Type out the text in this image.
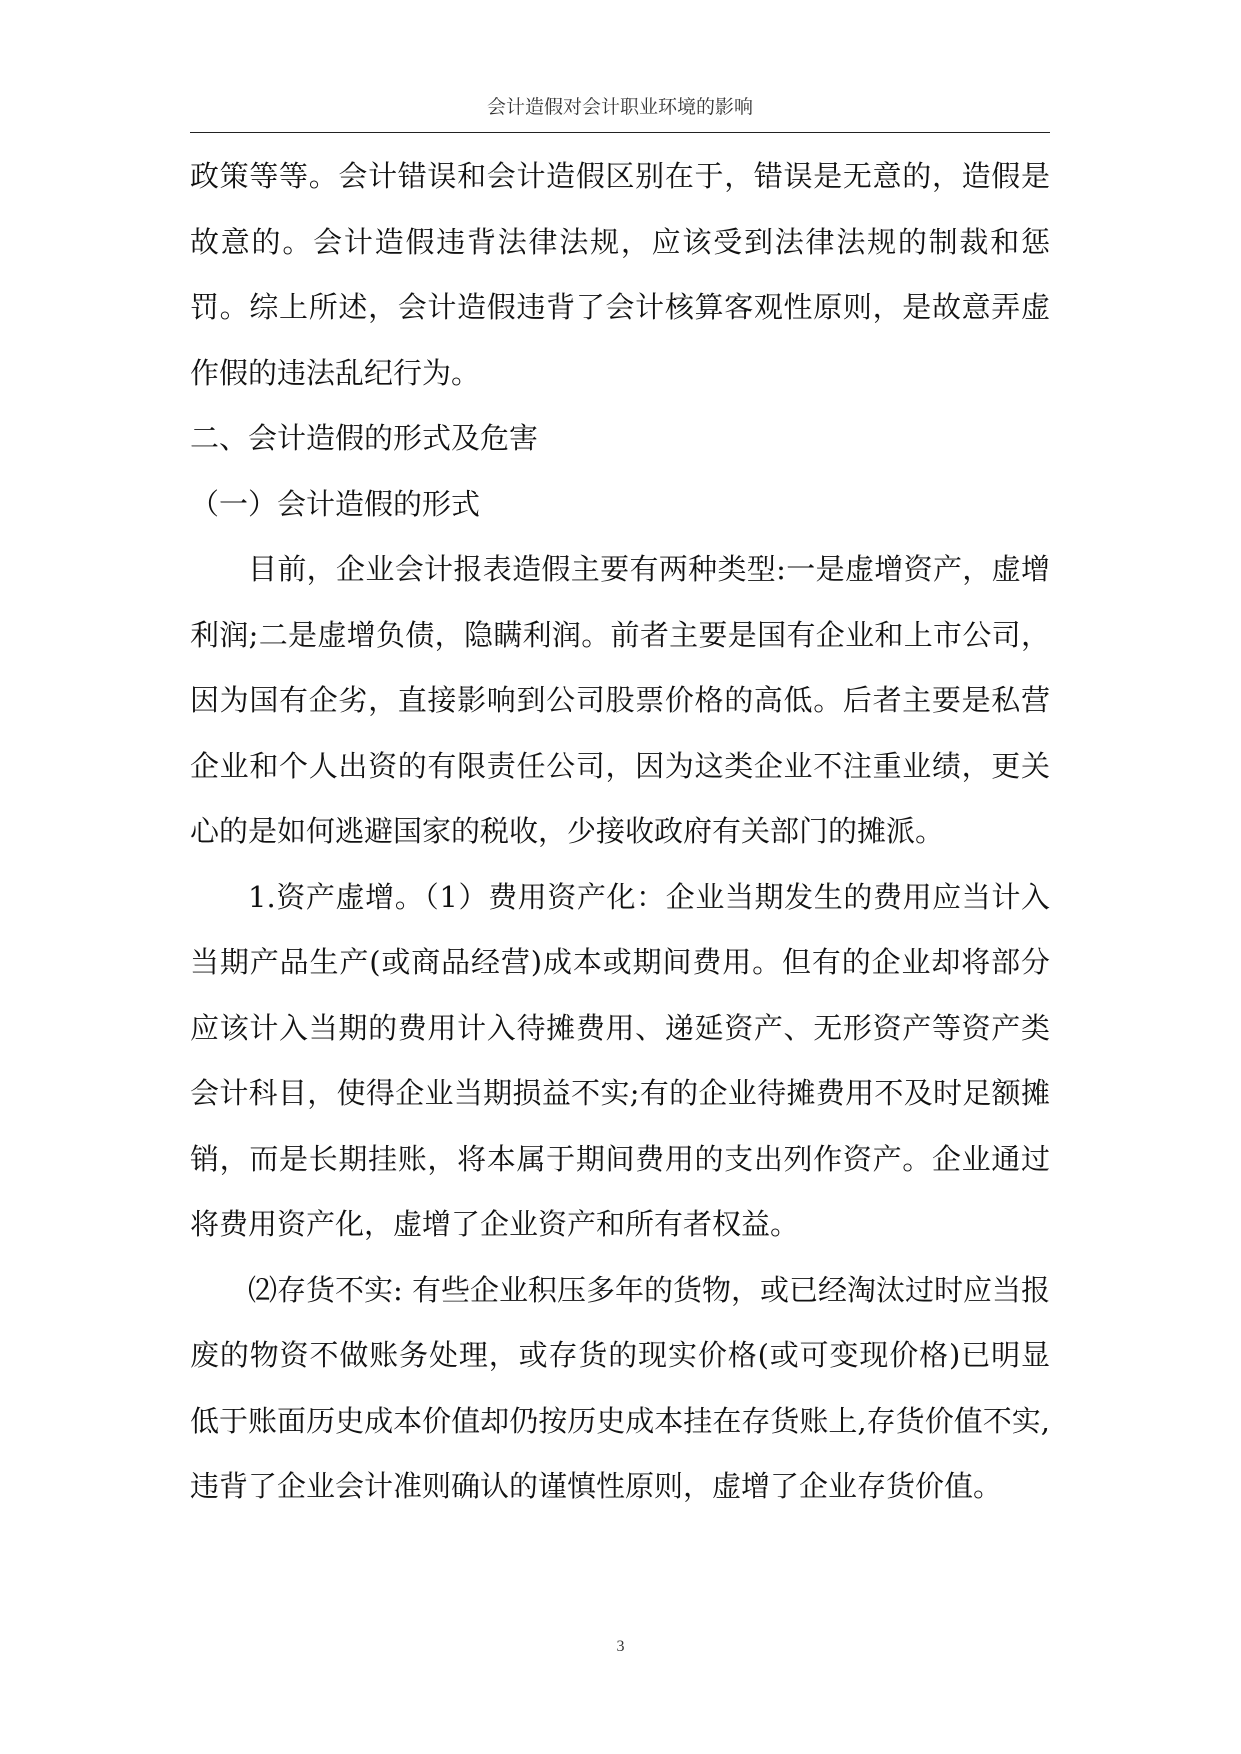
会计造假对会计职业环境的影响

政策等等。会计错误和会计造假区别在于，错误是无意的，造假是故意的。会计造假违背法律法规，应该受到法律法规的制裁和惩罚。综上所述，会计造假违背了会计核算客观性原则，是故意弄虚作假的违法乱纪行为。

二、会计造假的形式及危害

（一）会计造假的形式

目前，企业会计报表造假主要有两种类型:一是虚增资产，虚增利润;二是虚增负债，隐瞒利润。前者主要是国有企业和上市公司，因为国有企劣，直接影响到公司股票价格的高低。后者主要是私营企业和个人出资的有限责任公司，因为这类企业不注重业绩，更关心的是如何逃避国家的税收，少接收政府有关部门的摊派。

1.资产虚增。（1）费用资产化：企业当期发生的费用应当计入当期产品生产(或商品经营)成本或期间费用。但有的企业却将部分应该计入当期的费用计入待摊费用、递延资产、无形资产等资产类会计科目，使得企业当期损益不实;有的企业待摊费用不及时足额摊销，而是长期挂账，将本属于期间费用的支出列作资产。企业通过将费用资产化，虚增了企业资产和所有者权益。

⑵存货不实: 有些企业积压多年的货物，或已经淘汰过时应当报废的物资不做账务处理，或存货的现实价格(或可变现价格)已明显低于账面历史成本价值却仍按历史成本挂在存货账上,存货价值不实,违背了企业会计准则确认的谨慎性原则，虚增了企业存货价值。

3
